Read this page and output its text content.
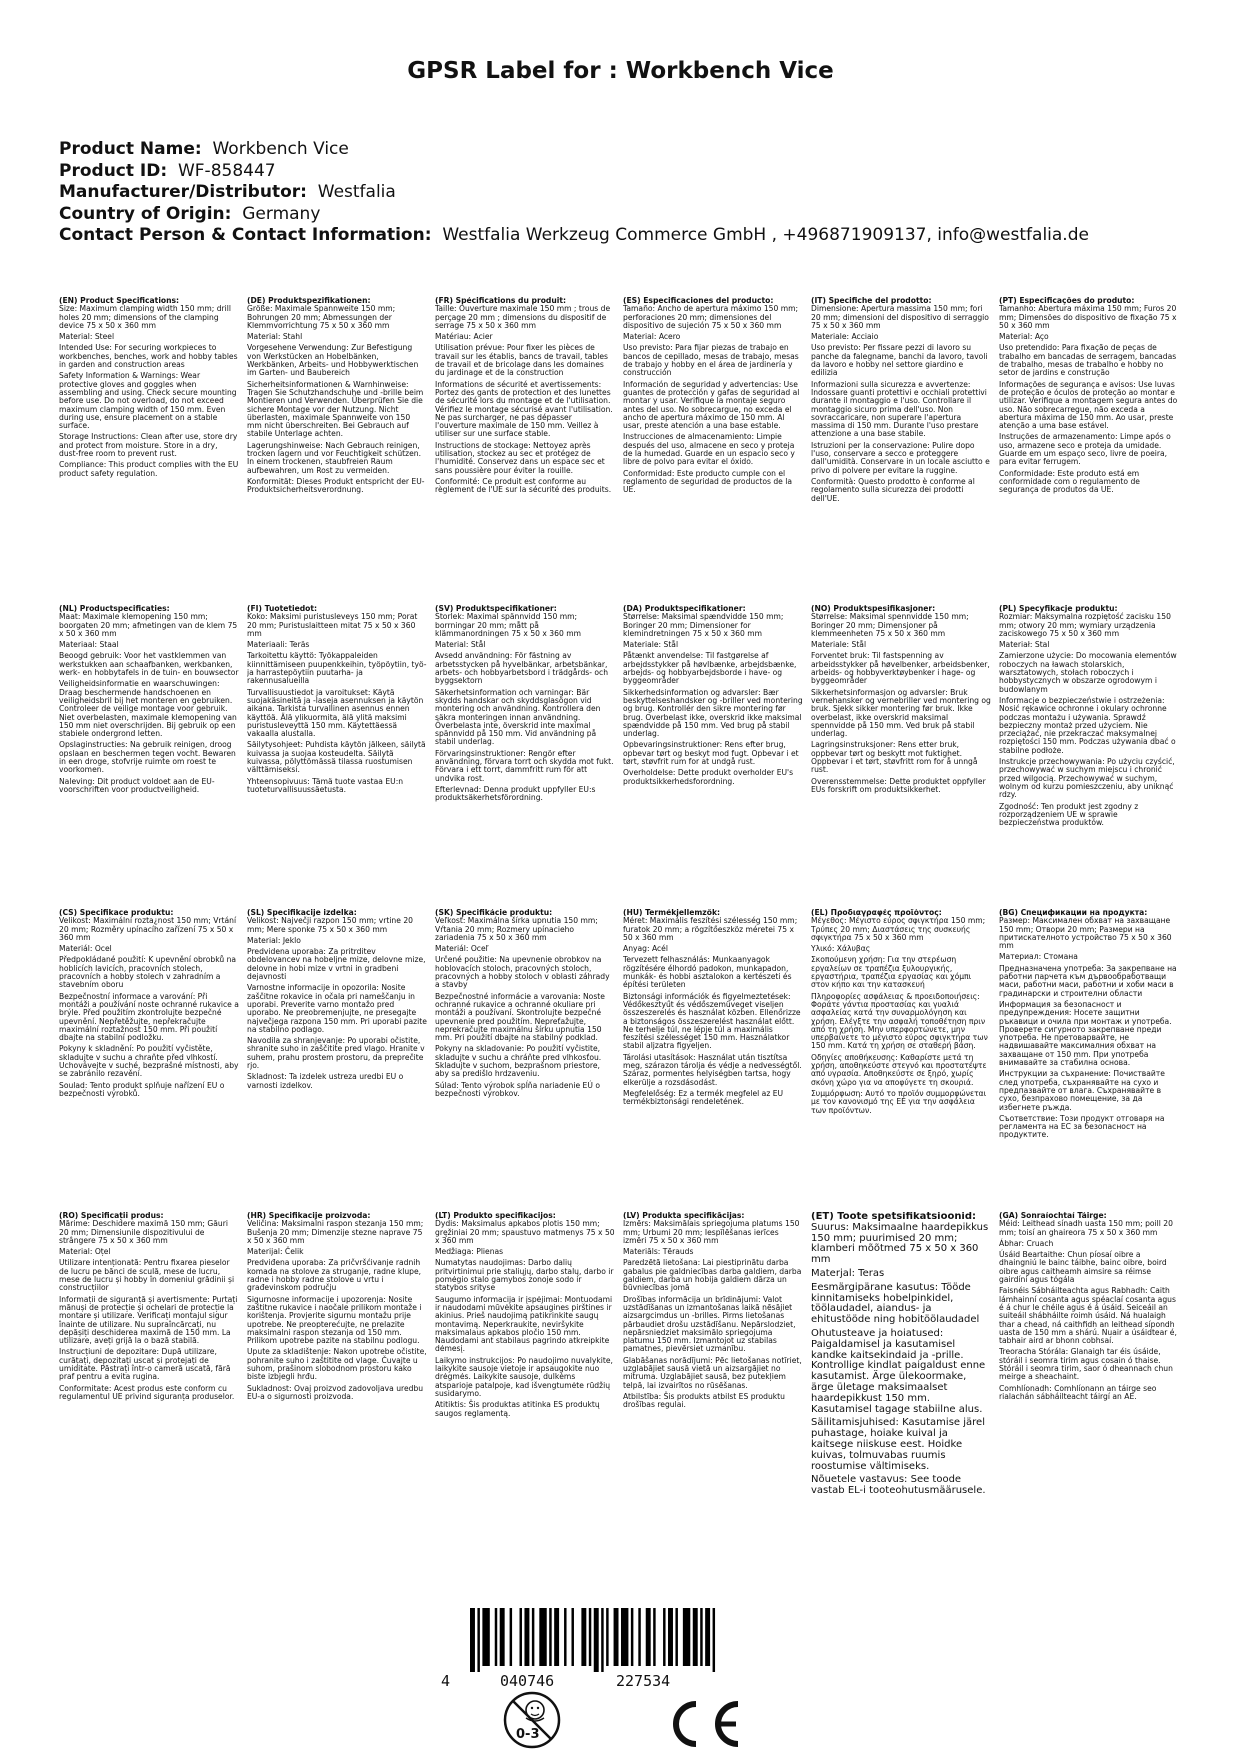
GPSR Label for : Workbench Vice
Product Name: Workbench Vice
Product ID: WF-858447
Manufacturer/Distributor: Westfalia
Country of Origin: Germany
Contact Person & Contact Information: Westfalia Werkzeug Commerce GmbH , +496871909137, info@westfalia.de
(EN) Product Specifications:

Size: Maximum clamping width 150 mm; drill holes 20 mm; dimensions of the clamping device 75 x 50 x 360 mm

Material: Steel

Intended Use: For securing workpieces to workbenches, benches, work and hobby tables in garden and construction areas

Safety Information & Warnings: Wear protective gloves and goggles when assembling and using. Check secure mounting before use. Do not overload, do not exceed maximum clamping width of 150 mm. Even during use, ensure placement on a stable surface.

Storage Instructions: Clean after use, store dry and protect from moisture. Store in a dry, dust-free room to prevent rust.

Compliance: This product complies with the EU product safety regulation.

(DE) Produktspezifikationen:

Größe: Maximale Spannweite 150 mm; Bohrungen 20 mm; Abmessungen der Klemmvorrichtung 75 x 50 x 360 mm

Material: Stahl

Vorgesehene Verwendung: Zur Befestigung von Werkstücken an Hobelbänken, Werkbänken, Arbeits- und Hobbywerktischen im Garten- und Baubereich

Sicherheitsinformationen & Warnhinweise: Tragen Sie Schutzhandschuhe und -brille beim Montieren und Verwenden. Überprüfen Sie die sichere Montage vor der Nutzung. Nicht überlasten, maximale Spannweite von 150 mm nicht überschreiten. Bei Gebrauch auf stabile Unterlage achten.

Lagerungshinweise: Nach Gebrauch reinigen, trocken lagern und vor Feuchtigkeit schützen. In einem trockenen, staubfreien Raum aufbewahren, um Rost zu vermeiden.

Konformität: Dieses Produkt entspricht der EU-Produktsicherheitsverordnung.

(FR) Spécifications du produit:

Taille: Ouverture maximale 150 mm ; trous de perçage 20 mm ; dimensions du dispositif de serrage 75 x 50 x 360 mm

Matériau: Acier

Utilisation prévue: Pour fixer les pièces de travail sur les établis, bancs de travail, tables de travail et de bricolage dans les domaines du jardinage et de la construction

Informations de sécurité et avertissements: Portez des gants de protection et des lunettes de sécurité lors du montage et de l'utilisation. Vérifiez le montage sécurisé avant l'utilisation. Ne pas surcharger, ne pas dépasser l'ouverture maximale de 150 mm. Veillez à utiliser sur une surface stable.

Instructions de stockage: Nettoyez après utilisation, stockez au sec et protégez de l'humidité. Conservez dans un espace sec et sans poussière pour éviter la rouille.

Conformité: Ce produit est conforme au règlement de l'UE sur la sécurité des produits.

(ES) Especificaciones del producto:

Tamaño: Ancho de apertura máximo 150 mm; perforaciones 20 mm; dimensiones del dispositivo de sujeción 75 x 50 x 360 mm

Material: Acero

Uso previsto: Para fijar piezas de trabajo en bancos de cepillado, mesas de trabajo, mesas de trabajo y hobby en el área de jardinería y construcción

Información de seguridad y advertencias: Use guantes de protección y gafas de seguridad al montar y usar. Verifique la montaje seguro antes del uso. No sobrecargue, no exceda el ancho de apertura máximo de 150 mm. Al usar, preste atención a una base estable.

Instrucciones de almacenamiento: Limpie después del uso, almacene en seco y proteja de la humedad. Guarde en un espacio seco y libre de polvo para evitar el óxido.

Conformidad: Este producto cumple con el reglamento de seguridad de productos de la UE.

(IT) Specifiche del prodotto:

Dimensione: Apertura massima 150 mm; fori 20 mm; dimensioni del dispositivo di serraggio 75 x 50 x 360 mm

Materiale: Acciaio

Uso previsto: Per fissare pezzi di lavoro su panche da falegname, banchi da lavoro, tavoli da lavoro e hobby nel settore giardino e edilizia

Informazioni sulla sicurezza e avvertenze: Indossare guanti protettivi e occhiali protettivi durante il montaggio e l'uso. Controllare il montaggio sicuro prima dell'uso. Non sovraccaricare, non superare l'apertura massima di 150 mm. Durante l'uso prestare attenzione a una base stabile.

Istruzioni per la conservazione: Pulire dopo l'uso, conservare a secco e proteggere dall'umidità. Conservare in un locale asciutto e privo di polvere per evitare la ruggine.

Conformità: Questo prodotto è conforme al regolamento sulla sicurezza dei prodotti dell'UE.

(PT) Especificações do produto:

Tamanho: Abertura máxima 150 mm; Furos 20 mm; Dimensões do dispositivo de fixação 75 x 50 x 360 mm

Material: Aço

Uso pretendido: Para fixação de peças de trabalho em bancadas de serragem, bancadas de trabalho, mesas de trabalho e hobby no setor de jardins e construção

Informações de segurança e avisos: Use luvas de proteção e óculos de proteção ao montar e utilizar. Verifique a montagem segura antes do uso. Não sobrecarregue, não exceda a abertura máxima de 150 mm. Ao usar, preste atenção a uma base estável.

Instruções de armazenamento: Limpe após o uso, armazene seco e proteja da umidade. Guarde em um espaço seco, livre de poeira, para evitar ferrugem.

Conformidade: Este produto está em conformidade com o regulamento de segurança de produtos da UE.

(NL) Productspecificaties:

Maat: Maximale klemopening 150 mm; boorgaten 20 mm; afmetingen van de klem 75 x 50 x 360 mm

Materiaal: Staal

Beoogd gebruik: Voor het vastklemmen van werkstukken aan schaafbanken, werkbanken, werk- en hobbytafels in de tuin- en bouwsector

Veiligheidsinformatie en waarschuwingen: Draag beschermende handschoenen en veiligheidsbril bij het monteren en gebruiken. Controleer de veilige montage voor gebruik. Niet overbelasten, maximale klemopening van 150 mm niet overschrijden. Bij gebruik op een stabiele ondergrond letten.

Opslaginstructies: Na gebruik reinigen, droog opslaan en beschermen tegen vocht. Bewaren in een droge, stofvrije ruimte om roest te voorkomen.

Naleving: Dit product voldoet aan de EU-voorschriften voor productveiligheid.

(FI) Tuotetiedot:

Koko: Maksimi puristusleveys 150 mm; Porat 20 mm; Puristuslaitteen mitat 75 x 50 x 360 mm

Materiaali: Teräs

Tarkoitettu käyttö: Työkappaleiden kiinnittämiseen puupenkkeihin, työpöytiin, työ- ja harrastepöytiin puutarha- ja rakennusalueilla

Turvallisuustiedot ja varoitukset: Käytä suojakäsineitä ja -laseja asennuksen ja käytön aikana. Tarkista turvallinen asennus ennen käyttöä. Älä ylikuormita, älä ylitä maksimi puristusleveyttä 150 mm. Käytettäessä vakaalla alustalla.

Säilytysohjeet: Puhdista käytön jälkeen, säilytä kuivassa ja suojaa kosteudelta. Säilytä kuivassa, pölyttömässä tilassa ruostumisen välttämiseksi.

Yhteensopivuus: Tämä tuote vastaa EU:n tuoteturvallisuussäetusta.

(SV) Produktspecifikationer:

Storlek: Maximal spännvidd 150 mm; borrningar 20 mm; mått på klämmanordningen 75 x 50 x 360 mm

Material: Stål

Avsedd användning: För fästning av arbetsstycken på hyvelbänkar, arbetsbänkar, arbets- och hobbyarbetsbord i trädgårds- och byggsektorn

Säkerhetsinformation och varningar: Bär skydds handskar och skyddsglasögon vid montering och användning. Kontrollera den säkra monteringen innan användning. Överbelasta inte, överskrid inte maximal spännvidd på 150 mm. Vid användning på stabil underlag.

Förvaringsinstruktioner: Rengör efter användning, förvara torrt och skydda mot fukt. Förvara i ett torrt, dammfritt rum för att undvika rost.

Efterlevnad: Denna produkt uppfyller EU:s produktsäkerhetsförordning.

(DA) Produktspecifikationer:

Størrelse: Maksimal spændvidde 150 mm; Boringer 20 mm; Dimensioner for klemindretningen 75 x 50 x 360 mm

Materiale: Stål

Påtænkt anvendelse: Til fastgørelse af arbejdsstykker på høvlbænke, arbejdsbænke, arbejds- og hobbyarbejdsborde i have- og byggeområder

Sikkerhedsinformation og advarsler: Bær beskyttelseshandsker og -briller ved montering og brug. Kontrollér den sikre montering før brug. Overbelast ikke, overskrid ikke maksimal spændvidde på 150 mm. Ved brug på stabil underlag.

Opbevaringsinstruktioner: Rens efter brug, opbevar tørt og beskyt mod fugt. Opbevar i et tørt, støvfrit rum for at undgå rust.

Overholdelse: Dette produkt overholder EU's produktsikkerhedsforordning.

(NO) Produktspesifikasjoner:

Størrelse: Maksimal spennvidde 150 mm; Boringer 20 mm; Dimensjoner på klemmeenheten 75 x 50 x 360 mm

Materiale: Stål

Forventet bruk: Til fastspenning av arbeidsstykker på høvelbenker, arbeidsbenker, arbeids- og hobbyverktøybenker i hage- og byggeområder

Sikkerhetsinformasjon og advarsler: Bruk vernehansker og vernebriller ved montering og bruk. Sjekk sikker montering før bruk. Ikke overbelast, ikke overskrid maksimal spennvidde på 150 mm. Ved bruk på stabil underlag.

Lagringsinstruksjoner: Rens etter bruk, oppbevar tørt og beskytt mot fuktighet. Oppbevar i et tørt, støvfritt rom for å unngå rust.

Overensstemmelse: Dette produktet oppfyller EUs forskrift om produktsikkerhet.

(PL) Specyfikacje produktu:

Rozmiar: Maksymalna rozpiętość zacisku 150 mm; otwory 20 mm; wymiary urządzenia zaciskowego 75 x 50 x 360 mm

Materiał: Stal

Zamierzone użycie: Do mocowania elementów roboczych na ławach stolarskich, warsztatowych, stołach roboczych i hobbystycznych w obszarze ogrodowym i budowlanym

Informacje o bezpieczeństwie i ostrzeżenia: Nosić rękawice ochronne i okulary ochronne podczas montażu i używania. Sprawdź bezpieczny montaż przed użyciem. Nie przeciążać, nie przekraczać maksymalnej rozpiętości 150 mm. Podczas używania dbać o stabilne podłoże.

Instrukcje przechowywania: Po użyciu czyścić, przechowywać w suchym miejscu i chronić przed wilgocią. Przechowywać w suchym, wolnym od kurzu pomieszczeniu, aby uniknąć rdzy.

Zgodność: Ten produkt jest zgodny z rozporządzeniem UE w sprawie bezpieczeństwa produktów.

(CS) Specifikace produktu:

Velikost: Maximální rozta¿nost 150 mm; Vrtání 20 mm; Rozměry upínacího zařízení 75 x 50 x 360 mm

Materiál: Ocel

Předpokládané použití: K upevnění obrobků na hoblicích lavicích, pracovních stolech, pracovních a hobby stolech v zahradním a stavebním oboru

Bezpečnostní informace a varování: Při montáži a používání noste ochranné rukavice a brýle. Před použitím zkontrolujte bezpečné upevnění. Nepřetěžujte, nepřekračujte maximální roztažnost 150 mm. Při použití dbajte na stabilní podložku.

Pokyny k skladnění: Po použití vyčistěte, skladujte v suchu a chraňte před vlhkostí. Uchovávejte v suché, bezprašné místnosti, aby se zabránilo rezavění.

Soulad: Tento produkt splňuje nařízení EU o bezpečnosti výrobků.

(SL) Specifikacije izdelka:

Velikost: Največji razpon 150 mm; vrtine 20 mm; Mere sponke 75 x 50 x 360 mm

Material: Jeklo

Predvidena uporaba: Za pritrditev obdelovancev na hobeljne mize, delovne mize, delovne in hobi mize v vrtni in gradbeni dejavnosti

Varnostne informacije in opozorila: Nosite zaščitne rokavice in očala pri nameščanju in uporabi. Preverite varno montažo pred uporabo. Ne preobremenjujte, ne presegajte največjega razpona 150 mm. Pri uporabi pazite na stabilno podlago.

Navodila za shranjevanje: Po uporabi očistite, shranite suho in zaščitite pred vlago. Hranite v suhem, prahu prostem prostoru, da preprečite rjo.

Skladnost: Ta izdelek ustreza uredbi EU o varnosti izdelkov.

(SK) Špecifikácie produktu:

Veľkosť: Maximálna šírka upnutia 150 mm; Vŕtania 20 mm; Rozmery upínacieho zariadenia 75 x 50 x 360 mm

Materiál: Oceľ

Určené použitie: Na upevnenie obrobkov na hoblovacích stoloch, pracovných stoloch, pracovných a hobby stoloch v oblasti záhrady a stavby

Bezpečnostné informácie a varovania: Noste ochranné rukavice a ochranné okuliare pri montáži a používaní. Skontrolujte bezpečné upevnenie pred použitím. Nepreťažujte, neprekračujte maximálnu šírku upnutia 150 mm. Pri použití dbajte na stabilný podklad.

Pokyny na skladovanie: Po použití vyčistite, skladujte v suchu a chráňte pred vlhkosťou. Skladujte v suchom, bezprašnom priestore, aby sa predišlo hrdzaveniu.

Súlad: Tento výrobok spĺňa nariadenie EÚ o bezpečnosti výrobkov.

(HU) Termékjellemzők:

Méret: Maximális feszítési szélesség 150 mm; furatok 20 mm; a rögzítőeszköz méretei 75 x 50 x 360 mm

Anyag: Acél

Tervezett felhasználás: Munkaanyagok rögzítésére élhordó padokon, munkapadon, munkák- és hobbi asztalokon a kertészeti és építési területen

Biztonsági információk és figyelmeztetések: Védőkesztyűt és védőszemüveget viseljen összeszerelés és használat közben. Ellenőrizze a biztonságos összeszerelést használat előtt. Ne terhelje túl, ne lépje túl a maximális feszítési szélességet 150 mm. Használatkor stabil aljzatra figyeljen.

Tárolási utasítások: Használat után tisztítsa meg, szárazon tárolja és védje a nedvességtől. Száraz, pormentes helyiségben tartsa, hogy elkerülje a rozsdásodást.

Megfelelőség: Ez a termék megfelel az EU termékbiztonsági rendeletének.

(EL) Προδιαγραφές προϊόντος:

Μέγεθος: Μέγιστο εύρος σφιγκτήρα 150 mm; Τρύπες 20 mm; Διαστάσεις της συσκευής σφιγκτήρα 75 x 50 x 360 mm

Υλικό: Χάλυβας

Σκοπούμενη χρήση: Για την στερέωση εργαλείων σε τραπέζια ξυλουργικής, εργαστήρια, τραπέζια εργασίας και χόμπι στον κήπο και την κατασκευή

Πληροφορίες ασφάλειας & προειδοποιήσεις: Φοράτε γάντια προστασίας και γυαλιά ασφαλείας κατά την συναρμολόγηση και χρήση. Ελέγξτε την ασφαλή τοποθέτηση πριν από τη χρήση. Μην υπερφορτώνετε, μην υπερβαίνετε το μέγιστο εύρος σφιγκτήρα των 150 mm. Κατά τη χρήση σε σταθερή βάση.

Οδηγίες αποθήκευσης: Καθαρίστε μετά τη χρήση, αποθηκεύστε στεγνό και προστατέψτε από υγρασία. Αποθηκεύστε σε ξηρό, χωρίς σκόνη χώρο για να αποφύγετε τη σκουριά.

Συμμόρφωση: Αυτό το προϊόν συμμορφώνεται με τον κανονισμό της ΕΕ για την ασφάλεια των προϊόντων.

(BG) Спецификации на продукта:

Размер: Максимален обхват на захващане 150 mm; Отвори 20 mm; Размери на притискателното устройство 75 x 50 x 360 mm

Материал: Стомана

Предназначена употреба: За закрепване на работни парчета към дървообработващи маси, работни маси, работни и хоби маси в градинарски и строителни области

Информация за безопасност и предупреждения: Носете защитни ръкавици и очила при монтаж и употреба. Проверете сигурното закрепване преди употреба. Не претоварвайте, не надвишавайте максималния обхват на захващане от 150 mm. При употреба внимавайте за стабилна основа.

Инструкции за съхранение: Почиствайте след употреба, съхранявайте на сухо и предпазвайте от влага. Съхранявайте в сухо, безпрахово помещение, за да избегнете ръжда.

Съответствие: Този продукт отговаря на регламента на ЕС за безопасност на продуктите.

(RO) Specificații produs:

Mărime: Deschidere maximă 150 mm; Găuri 20 mm; Dimensiunile dispozitivului de strângere 75 x 50 x 360 mm

Material: Oțel

Utilizare intenționată: Pentru fixarea pieselor de lucru pe bănci de sculă, mese de lucru, mese de lucru și hobby în domeniul grădinii și construcțiilor

Informații de siguranță și avertismente: Purtați mănuși de protecție și ochelari de protecție la montare și utilizare. Verificați montajul sigur înainte de utilizare. Nu supraîncărcați, nu depășiți deschiderea maximă de 150 mm. La utilizare, aveți grijă la o bază stabilă.

Instrucțiuni de depozitare: După utilizare, curățați, depozitați uscat și protejați de umiditate. Păstrați într-o cameră uscată, fără praf pentru a evita rugina.

Conformitate: Acest produs este conform cu regulamentul UE privind siguranța produselor.

(HR) Specifikacije proizvoda:

Veličina: Maksimalni raspon stezanja 150 mm; Bušenja 20 mm; Dimenzije stezne naprave 75 x 50 x 360 mm

Materijal: Čelik

Predviđena uporaba: Za pričvršćivanje radnih komada na stolove za struganje, radne klupe, radne i hobby radne stolove u vrtu i građevinskom području

Sigurnosne informacije i upozorenja: Nosite zaštitne rukavice i naočale prilikom montaže i korištenja. Provjerite sigurnu montažu prije upotrebe. Ne preopterećujte, ne prelazite maksimalni raspon stezanja od 150 mm. Prilikom upotrebe pazite na stabilnu podlogu.

Upute za skladištenje: Nakon upotrebe očistite, pohranite suho i zaštitite od vlage. Čuvajte u suhom, prašinom slobodnom prostoru kako biste izbjegli hrđu.

Sukladnost: Ovaj proizvod zadovoljava uredbu EU-a o sigurnosti proizvoda.

(LT) Produkto specifikacijos:

Dydis: Maksimalus apkabos plotis 150 mm; gręžiniai 20 mm; spaustuvo matmenys 75 x 50 x 360 mm

Medžiaga: Plienas

Numatytas naudojimas: Darbo dalių pritvirtinimui prie staliųjų, darbo stalų, darbo ir pomėgio stalo gamybos zonoje sodo ir statybos srityse

Saugumo informacija ir įspėjimai: Montuodami ir naudodami mūvėkite apsaugines pirštines ir akinius. Prieš naudojimą patikrinkite saugų montavimą. Neperkraukite, neviršykite maksimalaus apkabos pločio 150 mm. Naudodami ant stabilaus pagrindo atkreipkite dėmesį.

Laikymo instrukcijos: Po naudojimo nuvalykite, laikykite sausoje vietoje ir apsaugokite nuo drėgmės. Laikykite sausoje, dulkėms atsparioje patalpoje, kad išvengtumėte rūdžių susidarymo.

Atitiktis: Šis produktas atitinka ES produktų saugos reglamentą.

(LV) Produkta specifikācijas:

Izmērs: Maksimālais spriegojuma platums 150 mm; Urbumi 20 mm; Iespīlēšanas ierīces izmēri 75 x 50 x 360 mm

Materiāls: Tērauds

Paredzētā lietošana: Lai piestiprinātu darba gabalus pie galdniecības darba galdiem, darba galdiem, darba un hobija galdiem dārza un būvniecības jomā

Drošības informācija un brīdinājumi: Valot uzstādīšanas un izmantošanas laikā nēsājiet aizsargcimdus un -brilles. Pirms lietošanas pārbaudiet drošu uzstādīšanu. Nepārslodziet, nepārsniedziet maksimālo spriegojuma platumu 150 mm. Izmantojot uz stabilas pamatnes, pievērsiet uzmanību.

Glabāšanas norādījumi: Pēc lietošanas notīriet, uzglabājiet sausā vietā un aizsargājiet no mitruma. Uzglabājiet sausā, bez putekļiem telpā, lai izvairītos no rūsēšanas.

Atbilstība: Šis produkts atbilst ES produktu drošības regulai.

(ET) Toote spetsifikatsioonid:

Suurus: Maksimaalne haardepikkus 150 mm; puurimised 20 mm; klamberi mõõtmed 75 x 50 x 360 mm

Materjal: Teras

Eesmärgipärane kasutus: Tööde kinnitamiseks hobelpinkidel, töölaudadel, aiandus- ja ehitustööde ning hobitöölaudadel

Ohutusteave ja hoiatused: Paigaldamisel ja kasutamisel kandke kaitsekindaid ja -prille. Kontrollige kindlat paigaldust enne kasutamist. Ärge ülekoormake, ärge ületage maksimaalset haardepikkust 150 mm. Kasutamisel tagage stabiilne alus.

Säilitamisjuhised: Kasutamise järel puhastage, hoiake kuival ja kaitsege niiskuse eest. Hoidke kuivas, tolmuvabas ruumis roostumise vältimiseks.

Nõuetele vastavus: See toode vastab EL-i tooteohutusmäärusele.

(GA) Sonraíochtaí Táirge:

Méid: Leithead sínadh uasta 150 mm; poill 20 mm; toisí an ghaireora 75 x 50 x 360 mm

Ábhar: Cruach

Úsáid Beartaithe: Chun píosaí oibre a dhaingniú le bainc táibhe, bainc oibre, boird oibre agus caitheamh aimsire sa réimse gairdíní agus tógála

Faisnéis Sábháilteachta agus Rabhadh: Caith lámhainní cosanta agus spéaclaí cosanta agus é á chur le chéile agus é á úsáid. Seiceáil an suiteáil shábháilte roimh úsáid. Ná hualaigh thar a chead, ná caithfidh an leithead sípondh uasta de 150 mm a shárú. Nuair a úsáidtear é, tabhair aird ar bhonn cobhsaí.

Treoracha Stórála: Glanaigh tar éis úsáide, stóráil i seomra tirim agus cosain ó thaise. Stóráil i seomra tirim, saor ó dheannach chun meirge a sheachaint.

Comhlíonadh: Comhlíonann an táirge seo rialachán sábháilteacht táirgí an AE.

4	040746	227534
0-3
